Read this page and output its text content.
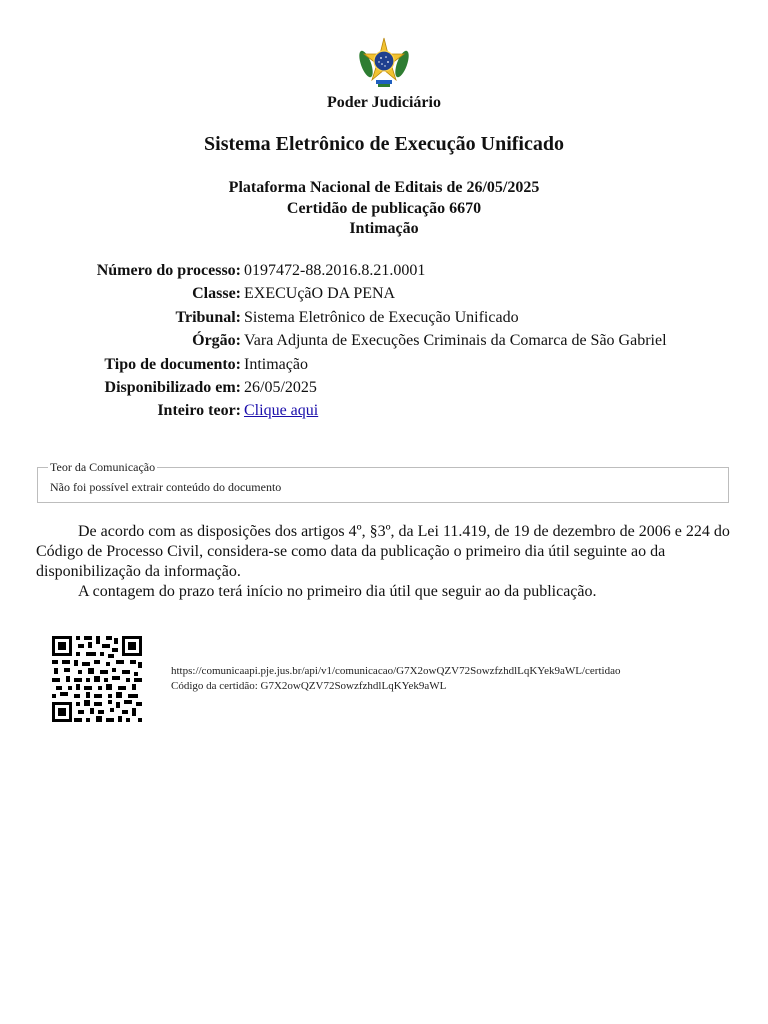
Poder Judiciário
Sistema Eletrônico de Execução Unificado
Plataforma Nacional de Editais de 26/05/2025
Certidão de publicação 6670
Intimação
Número do processo: 0197472-88.2016.8.21.0001
Classe: EXECUçãO DA PENA
Tribunal: Sistema Eletrônico de Execução Unificado
Órgão: Vara Adjunta de Execuções Criminais da Comarca de São Gabriel
Tipo de documento: Intimação
Disponibilizado em: 26/05/2025
Inteiro teor: Clique aqui
Teor da Comunicação
Não foi possível extrair conteúdo do documento

De acordo com as disposições dos artigos 4º, §3º, da Lei 11.419, de 19 de dezembro de 2006 e 224 do Código de Processo Civil, considera-se como data da publicação o primeiro dia útil seguinte ao da disponibilização da informação.

A contagem do prazo terá início no primeiro dia útil que seguir ao da publicação.

https://comunicaapi.pje.jus.br/api/v1/comunicacao/G7X2owQZV72SowzfzhdlLqKYek9aWL/certidao
Código da certidão: G7X2owQZV72SowzfzhdlLqKYek9aWL
